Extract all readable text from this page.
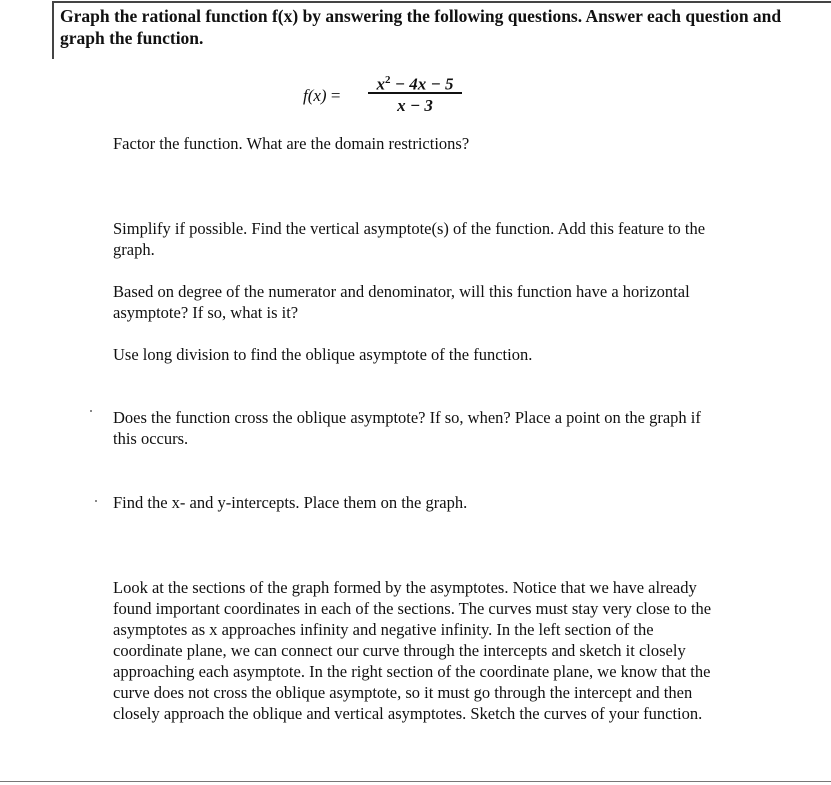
Graph the rational function f(x) by answering the following questions. Answer each question and graph the function.
f(x) =
$x^2 - 4x - 5$
x − 3
Factor the function. What are the domain restrictions?
Simplify if possible. Find the vertical asymptote(s) of the function. Add this feature to the graph.
Based on degree of the numerator and denominator, will this function have a horizontal asymptote? If so, what is it?
Use long division to find the oblique asymptote of the function.
Does the function cross the oblique asymptote? If so, when? Place a point on the graph if this occurs.
Find the x- and y-intercepts. Place them on the graph.
Look at the sections of the graph formed by the asymptotes. Notice that we have already found important coordinates in each of the sections. The curves must stay very close to the asymptotes as x approaches infinity and negative infinity. In the left section of the coordinate plane, we can connect our curve through the intercepts and sketch it closely approaching each asymptote. In the right section of the coordinate plane, we know that the curve does not cross the oblique asymptote, so it must go through the intercept and then closely approach the oblique and vertical asymptotes. Sketch the curves of your function.
